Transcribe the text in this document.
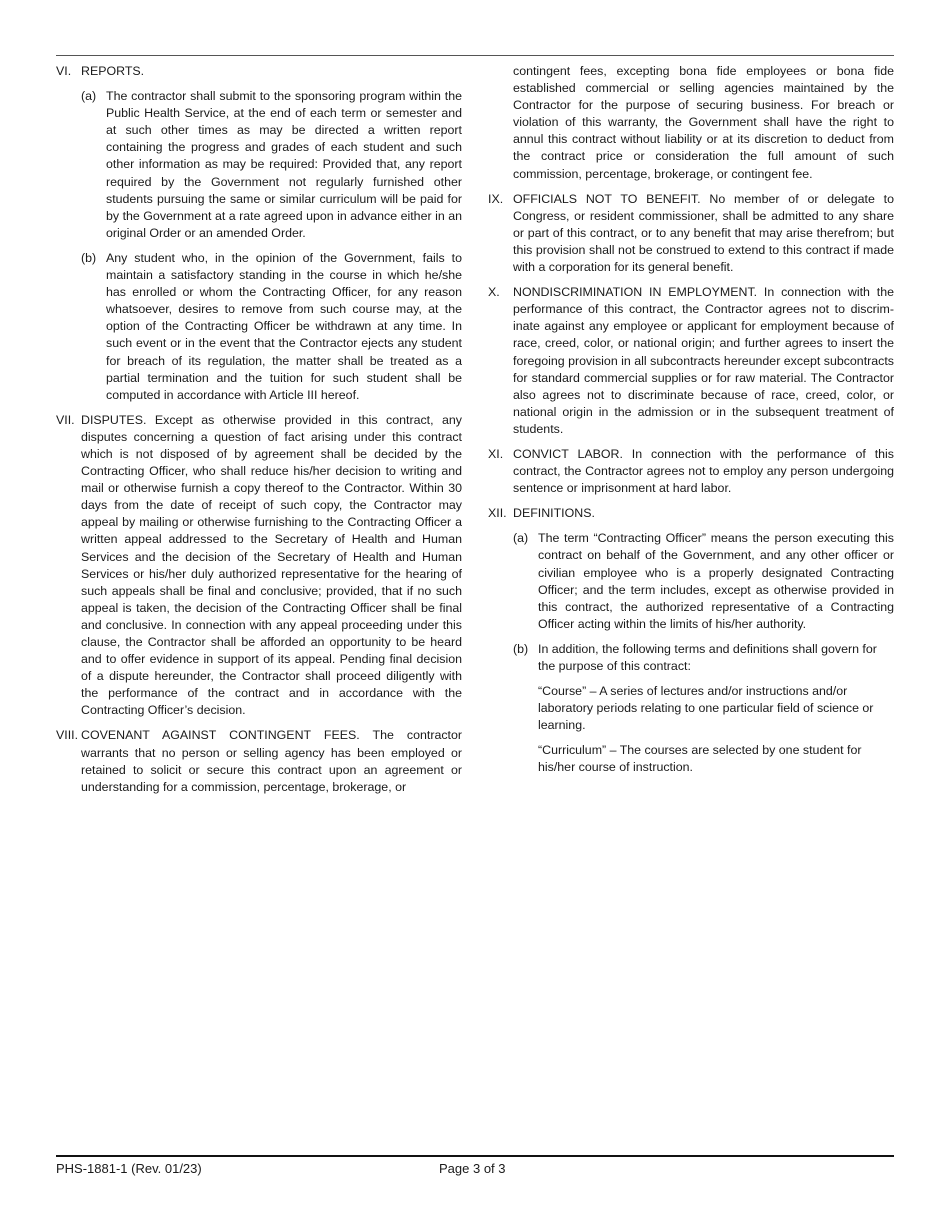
VI. REPORTS.
(a) The contractor shall submit to the sponsoring program within the Public Health Service, at the end of each term or semester and at such other times as may be directed a written report containing the progress and grades of each student and such other information as may be required: Provided that, any report required by the Government not regularly furnished other students pursuing the same or similar curriculum will be paid for by the Government at a rate agreed upon in advance either in an original Order or an amended Order.
(b) Any student who, in the opinion of the Government, fails to maintain a satisfactory standing in the course in which he/she has enrolled or whom the Contracting Officer, for any reason whatsoever, desires to remove from such course may, at the option of the Contracting Officer be withdrawn at any time. In such event or in the event that the Contractor ejects any student for breach of its regulation, the matter shall be treated as a partial termination and the tuition for such student shall be computed in accordance with Article III hereof.
VII. DISPUTES. Except as otherwise provided in this contract, any disputes concerning a question of fact arising under this contract which is not disposed of by agreement shall be decided by the Contracting Officer, who shall reduce his/her decision to writing and mail or otherwise furnish a copy thereof to the Contractor. Within 30 days from the date of receipt of such copy, the Contractor may appeal by mailing or otherwise furnishing to the Contracting Officer a written appeal addressed to the Secretary of Health and Human Services and the decision of the Secretary of Health and Human Services or his/her duly authorized representative for the hearing of such appeals shall be final and conclusive; provided, that if no such appeal is taken, the decision of the Contracting Officer shall be final and conclusive. In connection with any appeal proceeding under this clause, the Contractor shall be afforded an opportunity to be heard and to offer evidence in support of its appeal. Pending final decision of a dispute hereunder, the Contractor shall proceed diligently with the performance of the contract and in accordance with the Contracting Officer’s decision.
VIII. COVENANT AGAINST CONTINGENT FEES. The contractor warrants that no person or selling agency has been employed or retained to solicit or secure this contract upon an agreement or understanding for a commission, percentage, brokerage, or
contingent fees, excepting bona fide employees or bona fide established commercial or selling agencies maintained by the Contractor for the purpose of securing business. For breach or violation of this warranty, the Government shall have the right to annul this contract without liability or at its discretion to deduct from the contract price or consideration the full amount of such commission, percentage, brokerage, or contingent fee.
IX. OFFICIALS NOT TO BENEFIT. No member of or delegate to Congress, or resident commissioner, shall be admitted to any share or part of this contract, or to any benefit that may arise therefrom; but this provision shall not be construed to extend to this contract if made with a corporation for its general benefit.
X. NONDISCRIMINATION IN EMPLOYMENT. In connection with the performance of this contract, the Contractor agrees not to discriminate against any employee or applicant for employment because of race, creed, color, or national origin; and further agrees to insert the foregoing provision in all subcontracts hereunder except subcontracts for standard commercial supplies or for raw material. The Contractor also agrees not to discriminate because of race, creed, color, or national origin in the admission or in the subsequent treatment of students.
XI. CONVICT LABOR. In connection with the performance of this contract, the Contractor agrees not to employ any person undergoing sentence or imprisonment at hard labor.
XII. DEFINITIONS.
(a) The term “Contracting Officer” means the person executing this contract on behalf of the Government, and any other officer or civilian employee who is a properly designated Contracting Officer; and the term includes, except as otherwise provided in this contract, the authorized representative of a Contracting Officer acting within the limits of his/her authority.
(b) In addition, the following terms and definitions shall govern for the purpose of this contract:
“Course” – A series of lectures and/or instructions and/or laboratory periods relating to one particular field of science or learning.
“Curriculum” – The courses are selected by one student for his/her course of instruction.
PHS-1881-1 (Rev. 01/23)	Page 3 of 3
